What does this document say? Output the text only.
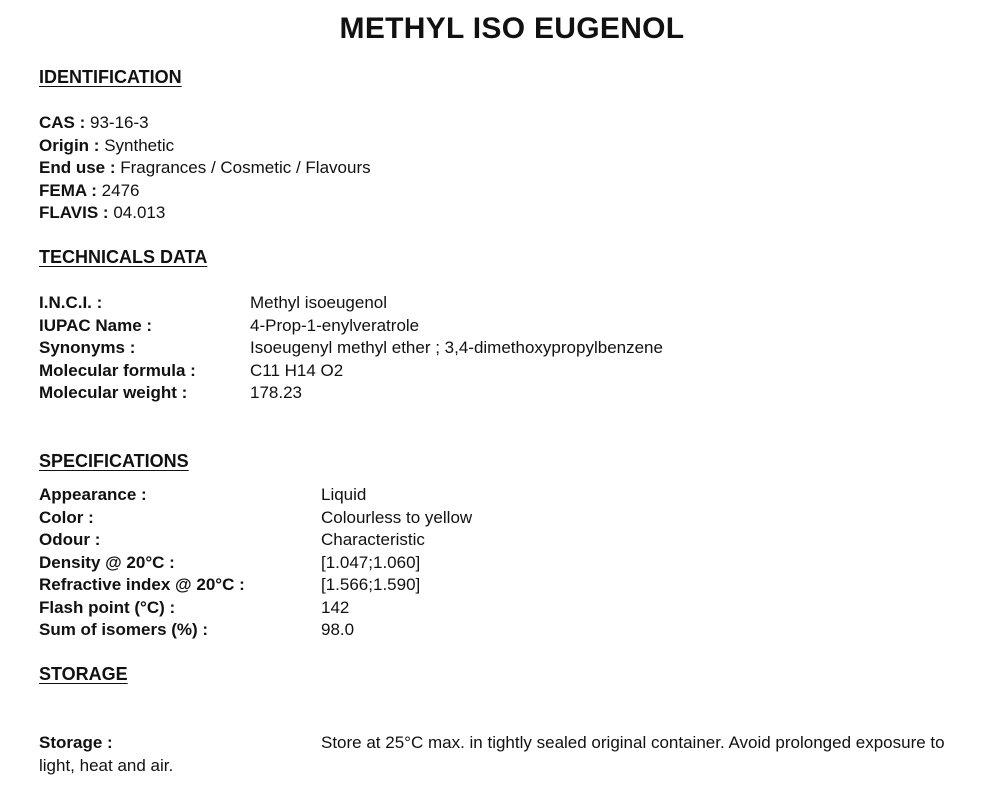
METHYL ISO EUGENOL
IDENTIFICATION
CAS : 93-16-3
Origin : Synthetic
End use : Fragrances / Cosmetic / Flavours
FEMA : 2476
FLAVIS : 04.013
TECHNICALS DATA
I.N.C.I. :	Methyl isoeugenol
IUPAC Name :	4-Prop-1-enylveratrole
Synonyms :	Isoeugenyl methyl ether ; 3,4-dimethoxypropylbenzene
Molecular formula :	C11 H14 O2
Molecular weight :	178.23
SPECIFICATIONS
Appearance :	Liquid
Color :	Colourless to yellow
Odour :	Characteristic
Density @ 20°C :	[1.047;1.060]
Refractive index @ 20°C :	[1.566;1.590]
Flash point (°C) :	142
Sum of isomers (%) :	98.0
STORAGE
Storage :	Store at 25°C max. in tightly sealed original container. Avoid prolonged exposure to light, heat and air.
